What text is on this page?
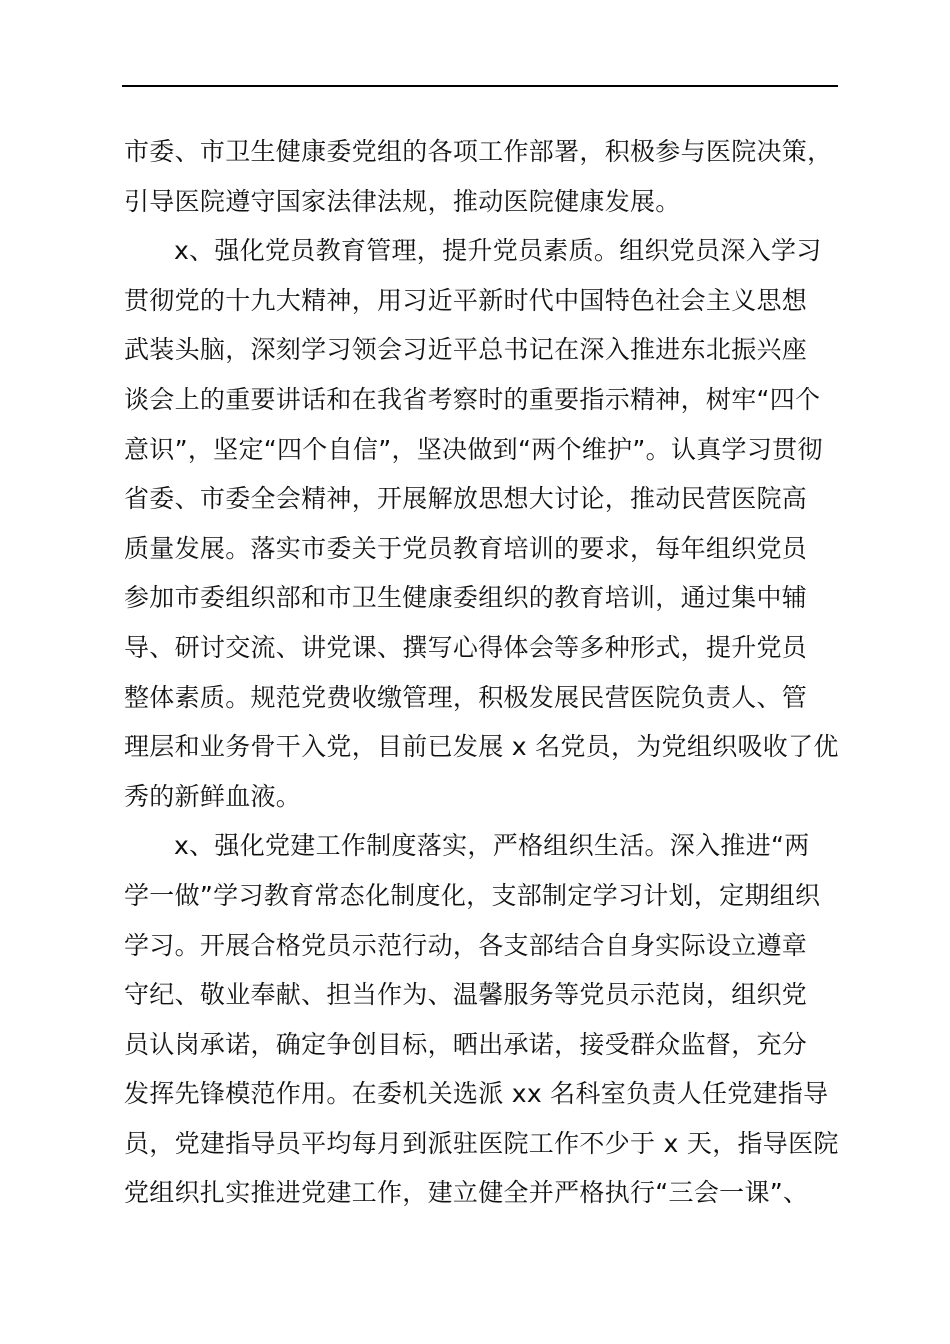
市委、市卫生健康委党组的各项工作部署，积极参与医院决策，
引导医院遵守国家法律法规，推动医院健康发展。
x、强化党员教育管理，提升党员素质。组织党员深入学习
贯彻党的十九大精神，用习近平新时代中国特色社会主义思想
武装头脑，深刻学习领会习近平总书记在深入推进东北振兴座
谈会上的重要讲话和在我省考察时的重要指示精神，树牢“四个
意识”，坚定“四个自信”，坚决做到“两个维护”。认真学习贯彻
省委、市委全会精神，开展解放思想大讨论，推动民营医院高
质量发展。落实市委关于党员教育培训的要求，每年组织党员
参加市委组织部和市卫生健康委组织的教育培训，通过集中辅
导、研讨交流、讲党课、撰写心得体会等多种形式，提升党员
整体素质。规范党费收缴管理，积极发展民营医院负责人、管
理层和业务骨干入党，目前已发展 x 名党员，为党组织吸收了优
秀的新鲜血液。
x、强化党建工作制度落实，严格组织生活。深入推进“两
学一做”学习教育常态化制度化，支部制定学习计划，定期组织
学习。开展合格党员示范行动，各支部结合自身实际设立遵章
守纪、敬业奉献、担当作为、温馨服务等党员示范岗，组织党
员认岗承诺，确定争创目标，晒出承诺，接受群众监督，充分
发挥先锋模范作用。在委机关选派 xx 名科室负责人任党建指导
员，党建指导员平均每月到派驻医院工作不少于 x 天，指导医院
党组织扎实推进党建工作，建立健全并严格执行“三会一课”、
